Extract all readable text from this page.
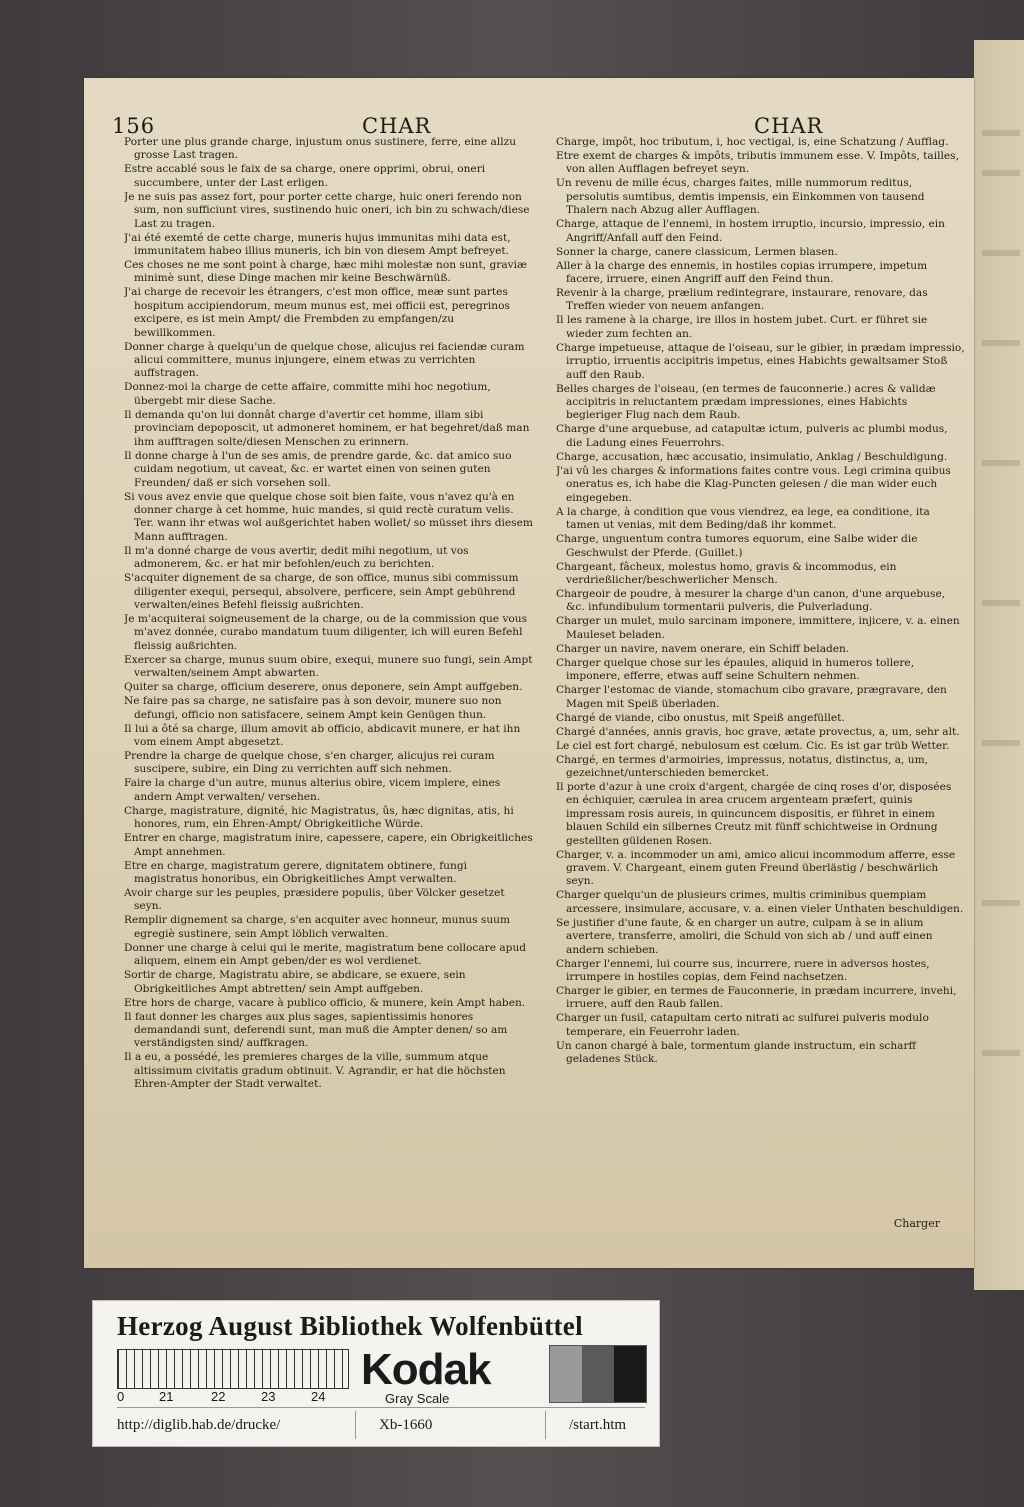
156	CHAR	CHAR

Porter une plus grande charge, injustum onus sustinere, ferre, eine allzu grosse Last tragen.

Estre accablé sous le faix de sa charge, onere opprimi, obrui, oneri succumbere, unter der Last erligen.

Je ne suis pas assez fort, pour porter cette charge, huic oneri ferendo non sum, non sufficiunt vires, sustinendo huic oneri, ich bin zu schwach/diese Last zu tragen.

J'ai été exemté de cette charge, muneris hujus immunitas mihi data est, immunitatem habeo illius muneris, ich bin von diesem Ampt befreyet.

Ces choses ne me sont point à charge, hæc mihi molestæ non sunt, graviæ minimè sunt, diese Dinge machen mir keine Beschwärnüß.

J'ai charge de recevoir les étrangers, c'est mon office, meæ sunt partes hospitum accipiendorum, meum munus est, mei officii est, peregrinos excipere, es ist mein Ampt/ die Frembden zu empfangen/zu bewillkommen.

Donner charge à quelqu'un de quelque chose, alicujus rei faciendæ curam alicui committere, munus injungere, einem etwas zu verrichten auffstragen.

Donnez-moi la charge de cette affaire, committe mihi hoc negotium, übergebt mir diese Sache.

Il demanda qu'on lui donnât charge d'avertir cet homme, illam sibi provinciam depoposcit, ut admoneret hominem, er hat begehret/daß man ihm aufftragen solte/diesen Menschen zu erinnern.

Il donne charge à l'un de ses amis, de prendre garde, &c. dat amico suo cuidam negotium, ut caveat, &c. er wartet einen von seinen guten Freunden/ daß er sich vorsehen soll.

Si vous avez envie que quelque chose soit bien faite, vous n'avez qu'à en donner charge à cet homme, huic mandes, si quid rectè curatum velis. Ter. wann ihr etwas wol außgerichtet haben wollet/ so müsset ihrs diesem Mann aufftragen.

Il m'a donné charge de vous avertir, dedit mihi negotium, ut vos admonerem, &c. er hat mir befohlen/euch zu berichten.

S'acquiter dignement de sa charge, de son office, munus sibi commissum diligenter exequi, persequi, absolvere, perficere, sein Ampt gebührend verwalten/eines Befehl fleissig außrichten.

Je m'acquiterai soigneusement de la charge, ou de la commission que vous m'avez donnée, curabo mandatum tuum diligenter, ich will euren Befehl fleissig außrichten.

Exercer sa charge, munus suum obire, exequi, munere suo fungi, sein Ampt verwalten/seinem Ampt abwarten.

Quiter sa charge, officium deserere, onus deponere, sein Ampt auffgeben.

Ne faire pas sa charge, ne satisfaire pas à son devoir, munere suo non defungi, officio non satisfacere, seinem Ampt kein Genügen thun.

Il lui a ôté sa charge, illum amovit ab officio, abdicavit munere, er hat ihn vom einem Ampt abgesetzt.

Prendre la charge de quelque chose, s'en charger, alicujus rei curam suscipere, subire, ein Ding zu verrichten auff sich nehmen.

Faire la charge d'un autre, munus alterius obire, vicem implere, eines andern Ampt verwalten/ versehen.

Charge, magistrature, dignité, hic Magistratus, ûs, hæc dignitas, atis, hi honores, rum, ein Ehren-Ampt/ Obrigkeitliche Würde.

Entrer en charge, magistratum inire, capessere, capere, ein Obrigkeitliches Ampt annehmen.

Etre en charge, magistratum gerere, dignitatem obtinere, fungi magistratus honoribus, ein Obrigkeitliches Ampt verwalten.

Avoir charge sur les peuples, præsidere populis, über Völcker gesetzet seyn.

Remplir dignement sa charge, s'en acquiter avec honneur, munus suum egregiè sustinere, sein Ampt löblich verwalten.

Donner une charge à celui qui le merite, magistratum bene collocare apud aliquem, einem ein Ampt geben/der es wol verdienet.

Sortir de charge, Magistratu abire, se abdicare, se exuere, sein Obrigkeitliches Ampt abtretten/ sein Ampt auffgeben.

Etre hors de charge, vacare à publico officio, & munere, kein Ampt haben.

Il faut donner les charges aux plus sages, sapientissimis honores demandandi sunt, deferendi sunt, man muß die Ampter denen/ so am verständigsten sind/ auffkragen.

Il a eu, a possédé, les premieres charges de la ville, summum atque altissimum civitatis gradum obtinuit. V. Agrandir, er hat die höchsten Ehren-Ampter der Stadt verwaltet.

Charge, impôt, hoc tributum, i, hoc vectigal, is, eine Schatzung / Aufflag.

Etre exemt de charges & impôts, tributis immunem esse. V. Impôts, tailles, von allen Aufflagen befreyet seyn.

Un revenu de mille écus, charges faites, mille nummorum reditus, persolutis sumtibus, demtis impensis, ein Einkommen von tausend Thalern nach Abzug aller Aufflagen.

Charge, attaque de l'ennemi, in hostem irruptio, incursio, impressio, ein Angriff/Anfall auff den Feind.

Sonner la charge, canere classicum, Lermen blasen.

Aller à la charge des ennemis, in hostiles copias irrumpere, impetum facere, irruere, einen Angriff auff den Feind thun.

Revenir à la charge, prælium redintegrare, instaurare, renovare, das Treffen wieder von neuem anfangen.

Il les ramene à la charge, ire illos in hostem jubet. Curt. er führet sie wieder zum fechten an.

Charge impetueuse, attaque de l'oiseau, sur le gibier, in prædam impressio, irruptio, irruentis accipitris impetus, eines Habichts gewaltsamer Stoß auff den Raub.

Belles charges de l'oiseau, (en termes de fauconnerie.) acres & validæ accipitris in reluctantem prædam impressiones, eines Habichts begieriger Flug nach dem Raub.

Charge d'une arquebuse, ad catapultæ ictum, pulveris ac plumbi modus, die Ladung eines Feuerrohrs.

Charge, accusation, hæc accusatio, insimulatio, Anklag / Beschuldigung.

J'ai vû les charges & informations faites contre vous. Legi crimina quibus oneratus es, ich habe die Klag-Puncten gelesen / die man wider euch eingegeben.

A la charge, à condition que vous viendrez, ea lege, ea conditione, ita tamen ut venias, mit dem Beding/daß ihr kommet.

Charge, unguentum contra tumores equorum, eine Salbe wider die Geschwulst der Pferde. (Guillet.)

Chargeant, fâcheux, molestus homo, gravis & incommodus, ein verdrießlicher/beschwerlicher Mensch.

Chargeoir de poudre, à mesurer la charge d'un canon, d'une arquebuse, &c. infundibulum tormentarii pulveris, die Pulverladung.

Charger un mulet, mulo sarcinam imponere, immittere, injicere, v. a. einen Mauleset beladen.

Charger un navire, navem onerare, ein Schiff beladen.

Charger quelque chose sur les épaules, aliquid in humeros tollere, imponere, efferre, etwas auff seine Schultern nehmen.

Charger l'estomac de viande, stomachum cibo gravare, prægravare, den Magen mit Speiß überladen.

Chargé de viande, cibo onustus, mit Speiß angefüllet.

Chargé d'années, annis gravis, hoc grave, ætate provectus, a, um, sehr alt.

Le ciel est fort chargé, nebulosum est cœlum. Cic. Es ist gar trüb Wetter.

Chargé, en termes d'armoiries, impressus, notatus, distinctus, a, um, gezeichnet/unterschieden bemercket.

Il porte d'azur à une croix d'argent, chargée de cinq roses d'or, disposées en échiquier, cærulea in area crucem argenteam præfert, quinis impressam rosis aureis, in quincuncem dispositis, er führet in einem blauen Schild ein silbernes Creutz mit fünff schichtweise in Ordnung gestellten güldenen Rosen.

Charger, v. a. incommoder un ami, amico alicui incommodum afferre, esse gravem. V. Chargeant, einem guten Freund überlästig / beschwärlich seyn.

Charger quelqu'un de plusieurs crimes, multis criminibus quempiam arcessere, insimulare, accusare, v. a. einen vieler Unthaten beschuldigen.

Se justifier d'une faute, & en charger un autre, culpam à se in alium avertere, transferre, amoliri, die Schuld von sich ab / und auff einen andern schieben.

Charger l'ennemi, lui courre sus, incurrere, ruere in adversos hostes, irrumpere in hostiles copias, dem Feind nachsetzen.

Charger le gibier, en termes de Fauconnerie, in prædam incurrere, invehi, irruere, auff den Raub fallen.

Charger un fusil, catapultam certo nitrati ac sulfurei pulveris modulo temperare, ein Feuerrohr laden.

Un canon chargé à bale, tormentum glande instructum, ein scharff geladenes Stück.

Charger
Herzog August Bibliothek Wolfenbüttel
0	21	22	23	24
Kodak
Gray Scale
http://diglib.hab.de/drucke/	Xb-1660	/start.htm
